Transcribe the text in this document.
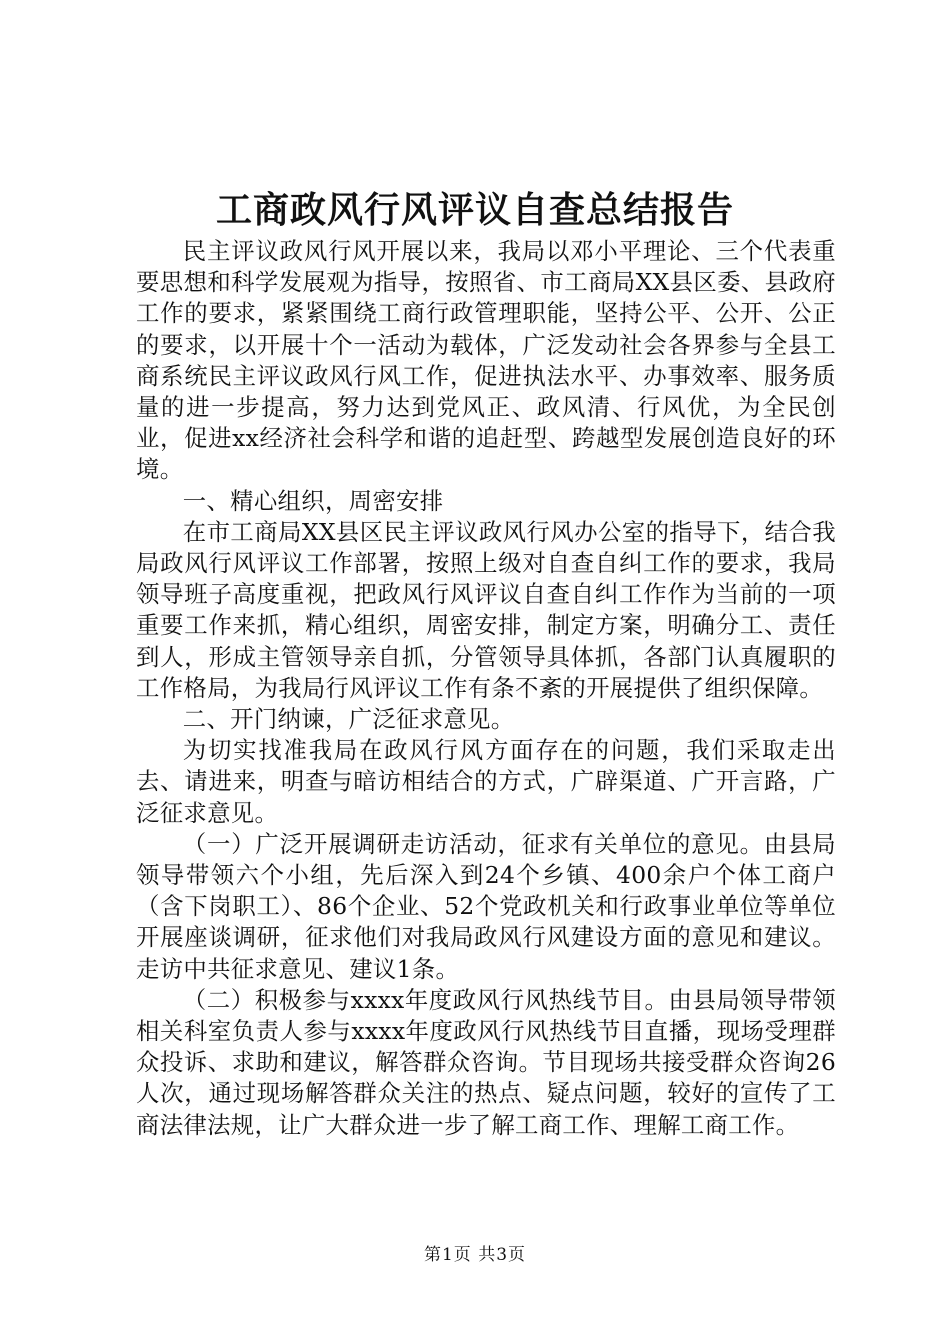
工商政风行风评议自查总结报告

民主评议政风行风开展以来，我局以邓小平理论、三个代表重要思想和科学发展观为指导，按照省、市工商局XX县区委、县政府工作的要求，紧紧围绕工商行政管理职能，坚持公平、公开、公正的要求，以开展十个一活动为载体，广泛发动社会各界参与全县工商系统民主评议政风行风工作，促进执法水平、办事效率、服务质量的进一步提高，努力达到党风正、政风清、行风优，为全民创业，促进xx经济社会科学和谐的追赶型、跨越型发展创造良好的环境。

一、精心组织，周密安排

在市工商局XX县区民主评议政风行风办公室的指导下，结合我局政风行风评议工作部署，按照上级对自查自纠工作的要求，我局领导班子高度重视，把政风行风评议自查自纠工作作为当前的一项重要工作来抓，精心组织，周密安排，制定方案，明确分工、责任到人，形成主管领导亲自抓，分管领导具体抓，各部门认真履职的工作格局，为我局行风评议工作有条不紊的开展提供了组织保障。

二、开门纳谏，广泛征求意见。

为切实找准我局在政风行风方面存在的问题，我们采取走出去、请进来，明查与暗访相结合的方式，广辟渠道、广开言路，广泛征求意见。

（一）广泛开展调研走访活动，征求有关单位的意见。由县局领导带领六个小组，先后深入到24个乡镇、400余户个体工商户（含下岗职工）、86个企业、52个党政机关和行政事业单位等单位开展座谈调研，征求他们对我局政风行风建设方面的意见和建议。走访中共征求意见、建议1条。

（二）积极参与xxxx年度政风行风热线节目。由县局领导带领相关科室负责人参与xxxx年度政风行风热线节目直播，现场受理群众投诉、求助和建议，解答群众咨询。节目现场共接受群众咨询26人次，通过现场解答群众关注的热点、疑点问题，较好的宣传了工商法律法规，让广大群众进一步了解工商工作、理解工商工作。

第1页 共3页
